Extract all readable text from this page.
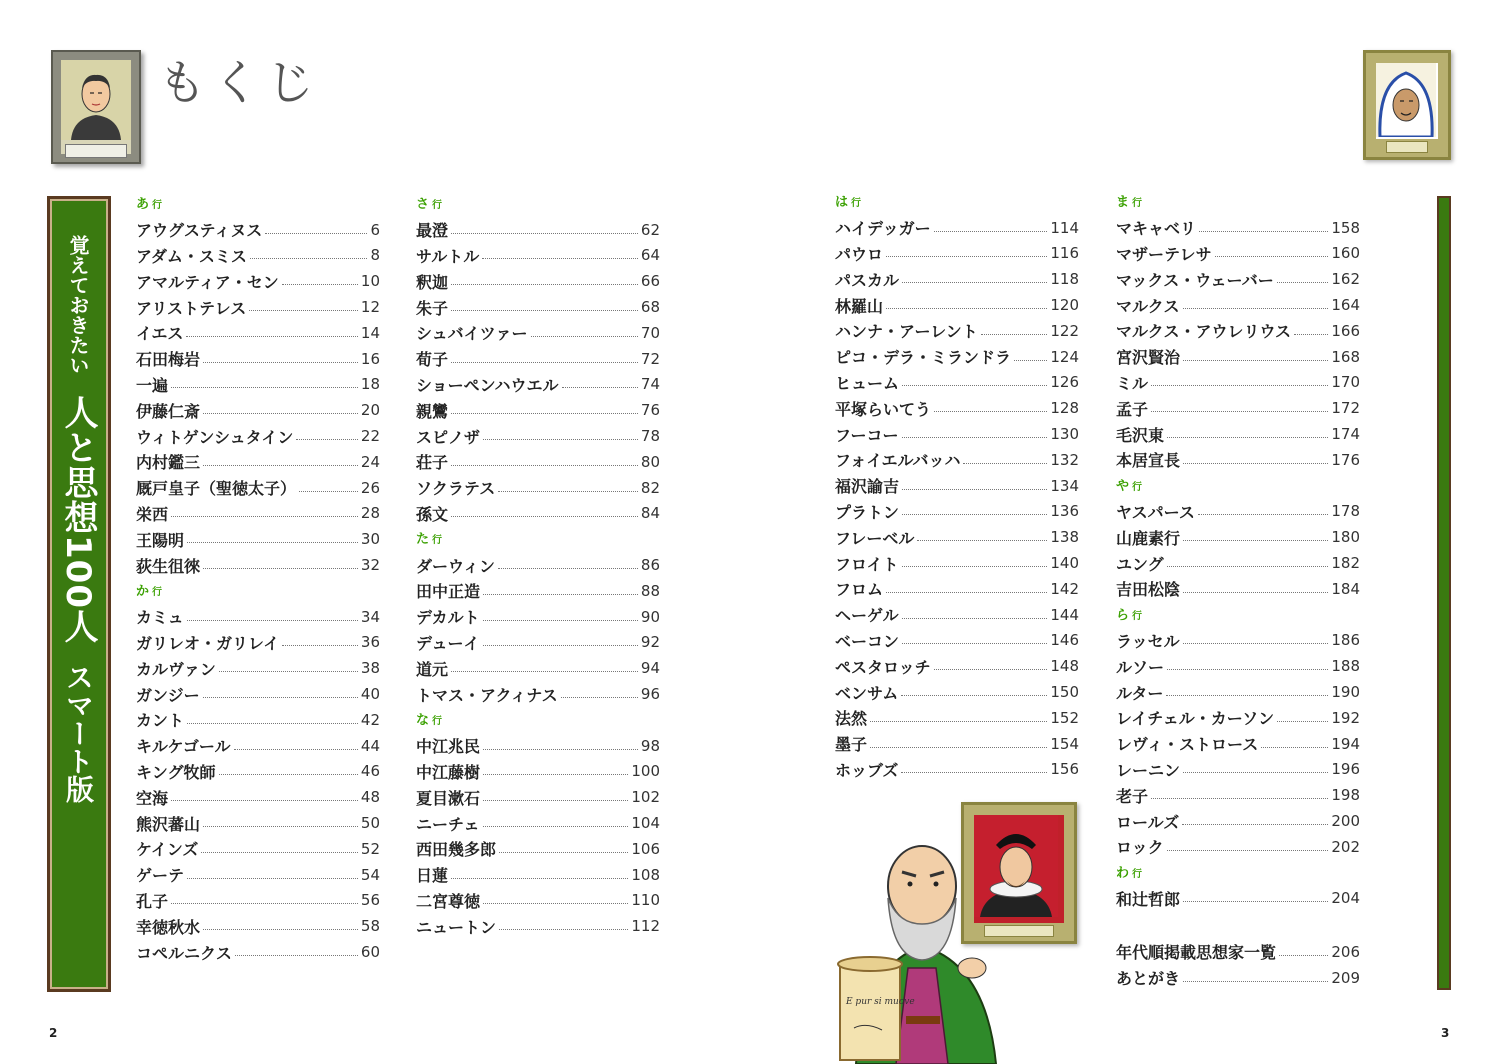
もくじ
覚えておきたい 人と思想100人 スマート版
あ 行
アウグスティヌス	6
アダム・スミス	8
アマルティア・セン	10
アリストテレス	12
イエス	14
石田梅岩	16
一遍	18
伊藤仁斎	20
ウィトゲンシュタイン	22
内村鑑三	24
厩戸皇子（聖徳太子）	26
栄西	28
王陽明	30
荻生徂徠	32
か 行
カミュ	34
ガリレオ・ガリレイ	36
カルヴァン	38
ガンジー	40
カント	42
キルケゴール	44
キング牧師	46
空海	48
熊沢蕃山	50
ケインズ	52
ゲーテ	54
孔子	56
幸徳秋水	58
コペルニクス	60
さ 行
最澄	62
サルトル	64
釈迦	66
朱子	68
シュバイツァー	70
荀子	72
ショーペンハウエル	74
親鸞	76
スピノザ	78
荘子	80
ソクラテス	82
孫文	84
た 行
ダーウィン	86
田中正造	88
デカルト	90
デューイ	92
道元	94
トマス・アクィナス	96
な 行
中江兆民	98
中江藤樹	100
夏目漱石	102
ニーチェ	104
西田幾多郎	106
日蓮	108
二宮尊徳	110
ニュートン	112
は 行
ハイデッガー	114
パウロ	116
パスカル	118
林羅山	120
ハンナ・アーレント	122
ピコ・デラ・ミランドラ	124
ヒューム	126
平塚らいてう	128
フーコー	130
フォイエルバッハ	132
福沢諭吉	134
プラトン	136
フレーベル	138
フロイト	140
フロム	142
ヘーゲル	144
ベーコン	146
ペスタロッチ	148
ベンサム	150
法然	152
墨子	154
ホッブズ	156
ま 行
マキャベリ	158
マザーテレサ	160
マックス・ウェーバー	162
マルクス	164
マルクス・アウレリウス	166
宮沢賢治	168
ミル	170
孟子	172
毛沢東	174
本居宣長	176
や 行
ヤスパース	178
山鹿素行	180
ユング	182
吉田松陰	184
ら 行
ラッセル	186
ルソー	188
ルター	190
レイチェル・カーソン	192
レヴィ・ストロース	194
レーニン	196
老子	198
ロールズ	200
ロック	202
わ 行
和辻哲郎	204
年代順掲載思想家一覧	206
あとがき	209
E pur si muove
2	3
